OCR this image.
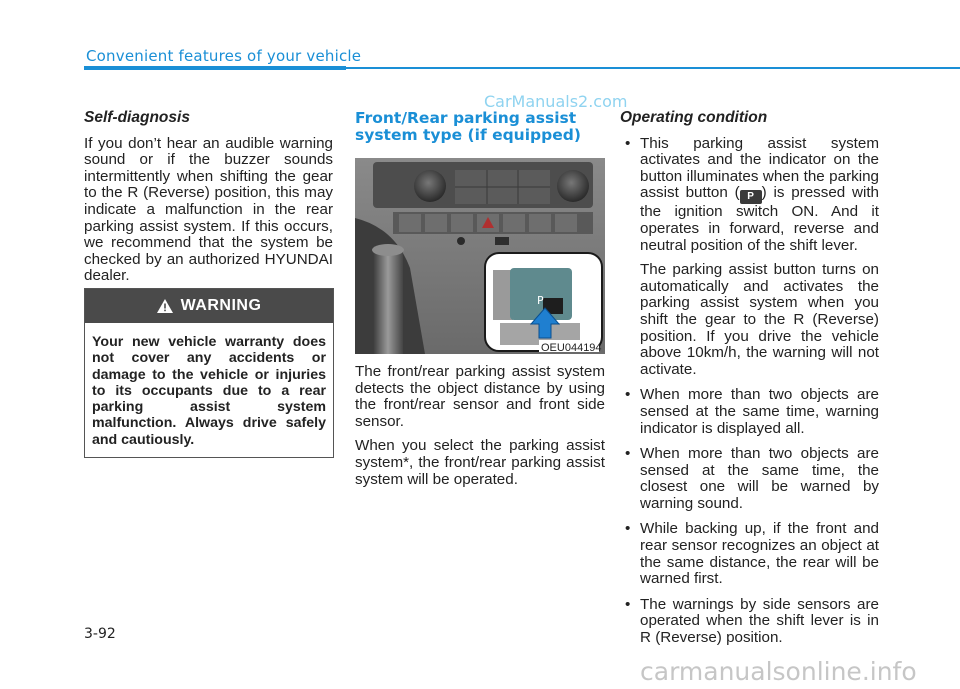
Convenient features of your vehicle
CarManuals2.com
Self-diagnosis

If you don’t hear an audible warning sound or if the buzzer sounds intermittently when shifting the gear to the R (Reverse) position, this may indicate a malfunction in the rear parking assist system. If this occurs, we recommend that the system be checked by an authorized HYUNDAI dealer.

WARNING
Your new vehicle warranty does not cover any accidents or damage to the vehicle or injuries to its occupants due to a rear parking assist system malfunction. Always drive safely and cautiously.
Front/Rear parking assist system type (if equipped)
P
OEU044194

The front/rear parking assist system detects the object distance by using the front/rear sensor and front side sensor.

When you select the parking assist system*, the front/rear parking assist system will be operated.

Operating condition
• This parking assist system activates and the indicator on the button illuminates when the parking assist button ( P ) is pressed with the ignition switch ON. And it operates in forward, reverse and neutral position of the shift lever.

The parking assist button turns on automatically and activates the parking assist system when you shift the gear to the R (Reverse) position. If you drive the vehicle above 10km/h, the warning will not activate.

• When more than two objects are sensed at the same time, warning indicator is displayed all.
• When more than two objects are sensed at the same time, the closest one will be warned by warning sound.
• While backing up, if the front and rear sensor recognizes an object at the same distance, the rear will be warned first.
• The warnings by side sensors are operated when the shift lever is in R (Reverse) position.
3-92
carmanualsonline.info
